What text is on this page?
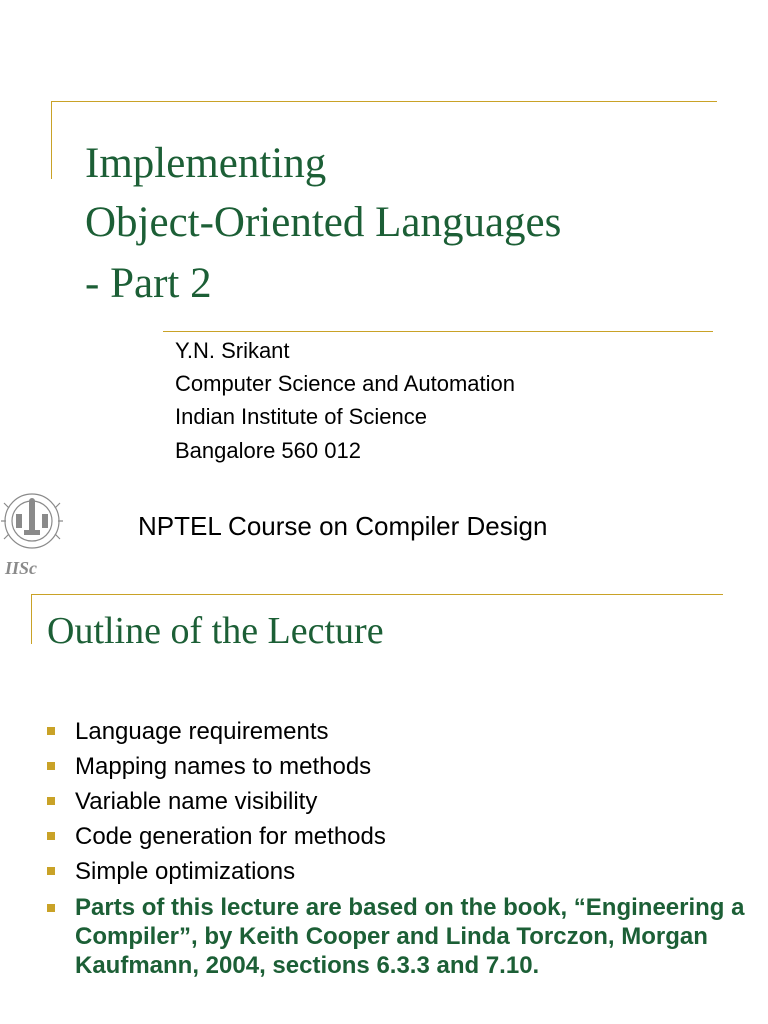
Implementing
Object-Oriented Languages
- Part 2
Y.N. Srikant
Computer Science and Automation
Indian Institute of Science
Bangalore 560 012
IISc
NPTEL Course on Compiler Design
Outline of the Lecture
Language requirements
Mapping names to methods
Variable name visibility
Code generation for methods
Simple optimizations
Parts of this lecture are based on the book, “Engineering a Compiler”, by Keith Cooper and Linda Torczon, Morgan Kaufmann, 2004, sections 6.3.3 and 7.10.
